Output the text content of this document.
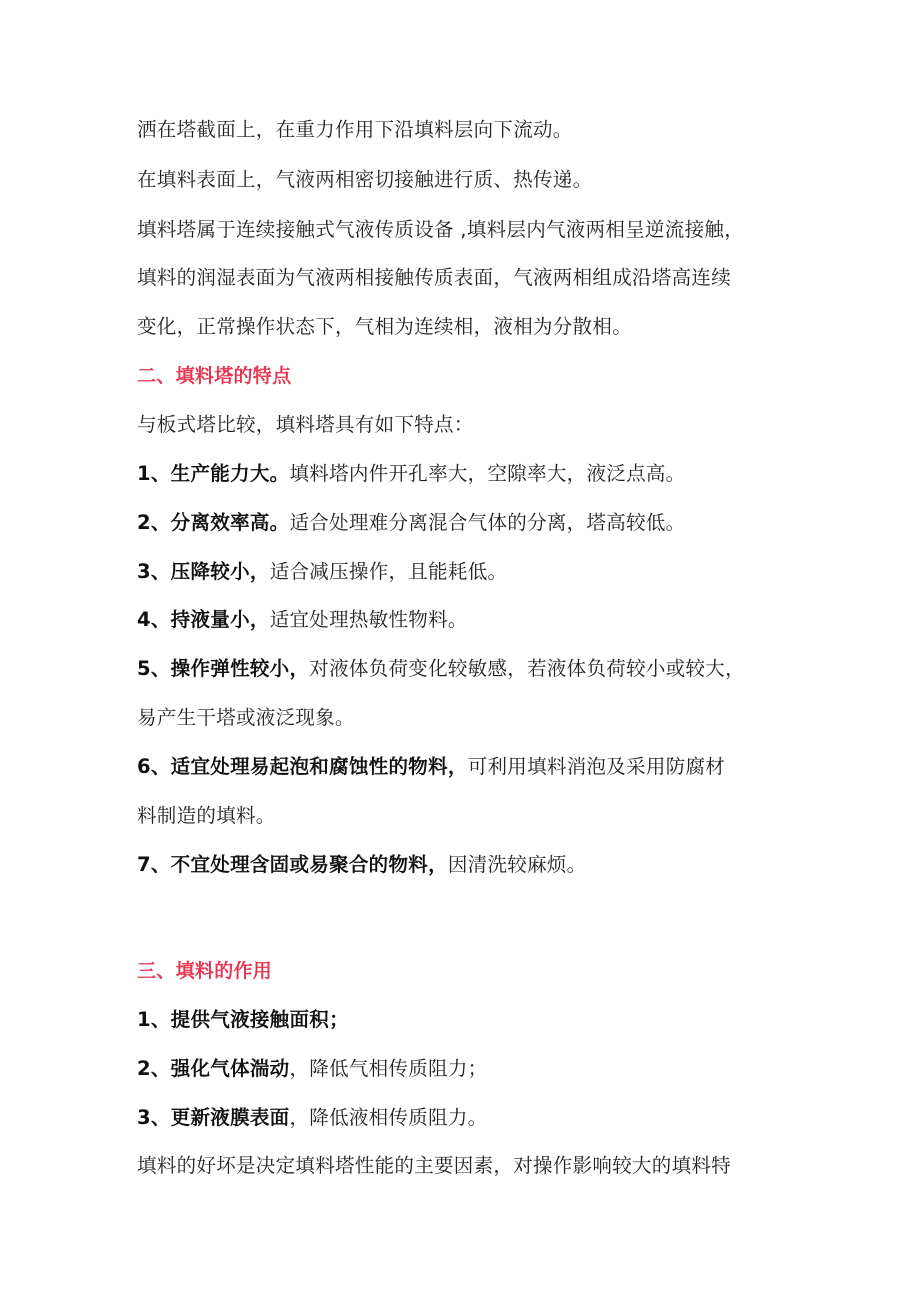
洒在塔截面上，在重力作用下沿填料层向下流动。
在填料表面上，气液两相密切接触进行质、热传递。
填料塔属于连续接触式气液传质设备 ,填料层内气液两相呈逆流接触，
填料的润湿表面为气液两相接触传质表面，气液两相组成沿塔高连续
变化，正常操作状态下，气相为连续相，液相为分散相。
二、填料塔的特点
与板式塔比较，填料塔具有如下特点：
1、生产能力大。填料塔内件开孔率大，空隙率大，液泛点高。
2、分离效率高。适合处理难分离混合气体的分离，塔高较低。
3、压降较小，适合减压操作，且能耗低。
4、持液量小，适宜处理热敏性物料。
5、操作弹性较小，对液体负荷变化较敏感，若液体负荷较小或较大，
易产生干塔或液泛现象。
6、适宜处理易起泡和腐蚀性的物料，可利用填料消泡及采用防腐材
料制造的填料。
7、不宜处理含固或易聚合的物料，因清洗较麻烦。
三、填料的作用
1、提供气液接触面积；
2、强化气体湍动，降低气相传质阻力；
3、更新液膜表面，降低液相传质阻力。
填料的好坏是决定填料塔性能的主要因素，对操作影响较大的填料特
